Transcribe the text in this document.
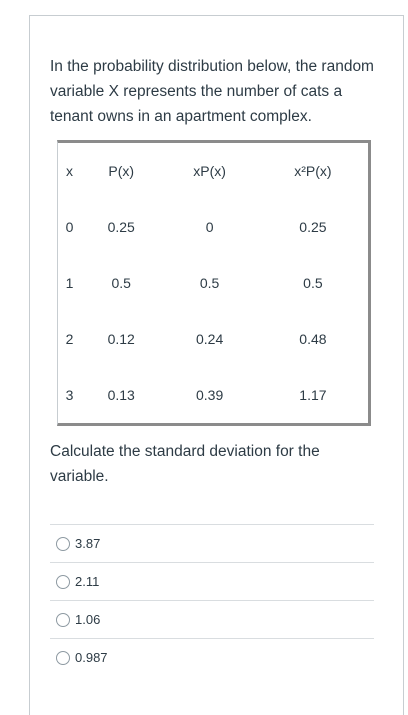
In the probability distribution below, the random variable X represents the number of cats a tenant owns in an apartment complex.
x	P(x)	xP(x)	x²P(x)
0	0.25	0	0.25
1	0.5	0.5	0.5
2	0.12	0.24	0.48
3	0.13	0.39	1.17
Calculate the standard deviation for the variable.
3.87
2.11
1.06
0.987
